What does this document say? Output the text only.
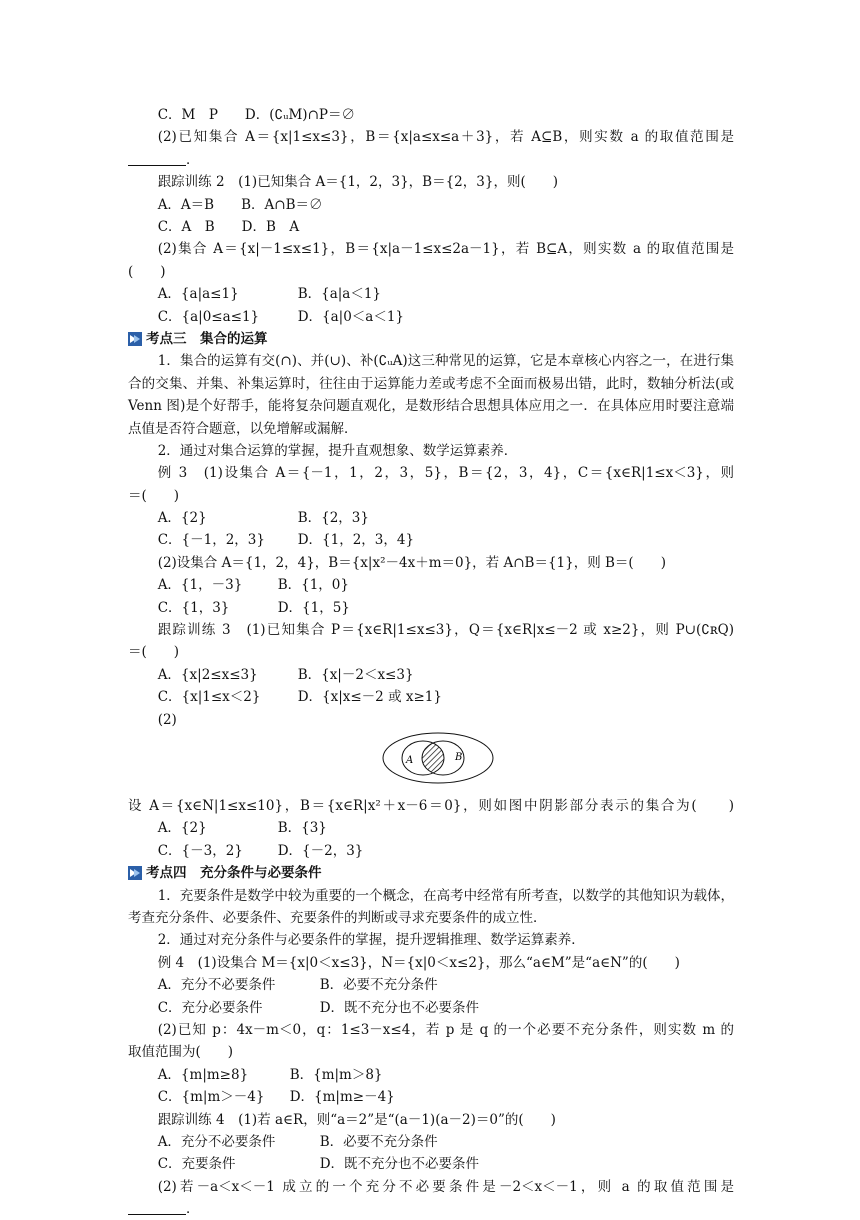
C．M　P　　D．(∁ᵤM)∩P＝∅
(2)已知集合 A＝{x|1≤x≤3}，B＝{x|a≤x≤a＋3}，若 A⊆B，则实数 a 的取值范围是
．
跟踪训练 2　(1)已知集合 A＝{1，2，3}，B＝{2，3}，则(　　)
A．A＝B　　B．A∩B＝∅
C．A　B　　D．B　A
(2)集合 A＝{x|－1≤x≤1}，B＝{x|a－1≤x≤2a－1}，若 B⊆A，则实数 a 的取值范围是
(　　)
A．{a|a≤1}	B．{a|a＜1}
C．{a|0≤a≤1}	D．{a|0＜a＜1}
考点三　集合的运算
1．集合的运算有交(∩)、并(∪)、补(∁ᵤA)这三种常见的运算，它是本章核心内容之一，在进行集合的交集、并集、补集运算时，往往由于运算能力差或考虑不全面而极易出错，此时，数轴分析法(或 Venn 图)是个好帮手，能将复杂问题直观化，是数形结合思想具体应用之一．在具体应用时要注意端点值是否符合题意，以免增解或漏解．
2．通过对集合运算的掌握，提升直观想象、数学运算素养．
例 3　(1)设集合 A＝{－1，1，2，3，5}，B＝{2，3，4}，C＝{x∈R|1≤x＜3}，则
＝(　　)
A．{2}	B．{2，3}
C．{－1，2，3} D．{1，2，3，4}
(2)设集合 A＝{1，2，4}，B＝{x|x²－4x＋m＝0}，若 A∩B＝{1}，则 B＝(　　)
A．{1，－3}	B．{1，0}
C．{1，3}	D．{1，5}
跟踪训练 3　(1)已知集合 P＝{x∈R|1≤x≤3}，Q＝{x∈R|x≤－2 或 x≥2}，则 P∪(∁ʀQ)
＝(　　)
A．{x|2≤x≤3}	B．{x|－2＜x≤3}
C．{x|1≤x＜2}	D．{x|x≤－2 或 x≥1}
(2)
A	B
设 A＝{x∈N|1≤x≤10}，B＝{x∈R|x²＋x－6＝0}，则如图中阴影部分表示的集合为(　　)
A．{2}	B．{3}
C．{－3，2}	D．{－2，3}
考点四　充分条件与必要条件
1．充要条件是数学中较为重要的一个概念，在高考中经常有所考查，以数学的其他知识为载体，考查充分条件、必要条件、充要条件的判断或寻求充要条件的成立性．
2．通过对充分条件与必要条件的掌握，提升逻辑推理、数学运算素养．
例 4　(1)设集合 M＝{x|0＜x≤3}，N＝{x|0＜x≤2}，那么“a∈M”是“a∈N”的(　　)
A．充分不必要条件	B．必要不充分条件
C．充分必要条件	D．既不充分也不必要条件
(2)已知 p：4x－m＜0，q：1≤3－x≤4，若 p 是 q 的一个必要不充分条件，则实数 m 的
取值范围为(　　)
A．{m|m≥8}	B．{m|m＞8}
C．{m|m＞－4} D．{m|m≥－4}
跟踪训练 4　(1)若 a∈R，则“a＝2”是“(a－1)(a－2)＝0”的(　　)
A．充分不必要条件	B．必要不充分条件
C．充要条件	D．既不充分也不必要条件
(2)若－a＜x＜－1 成立的一个充分不必要条件是－2＜x＜－1，则 a 的取值范围是
．
